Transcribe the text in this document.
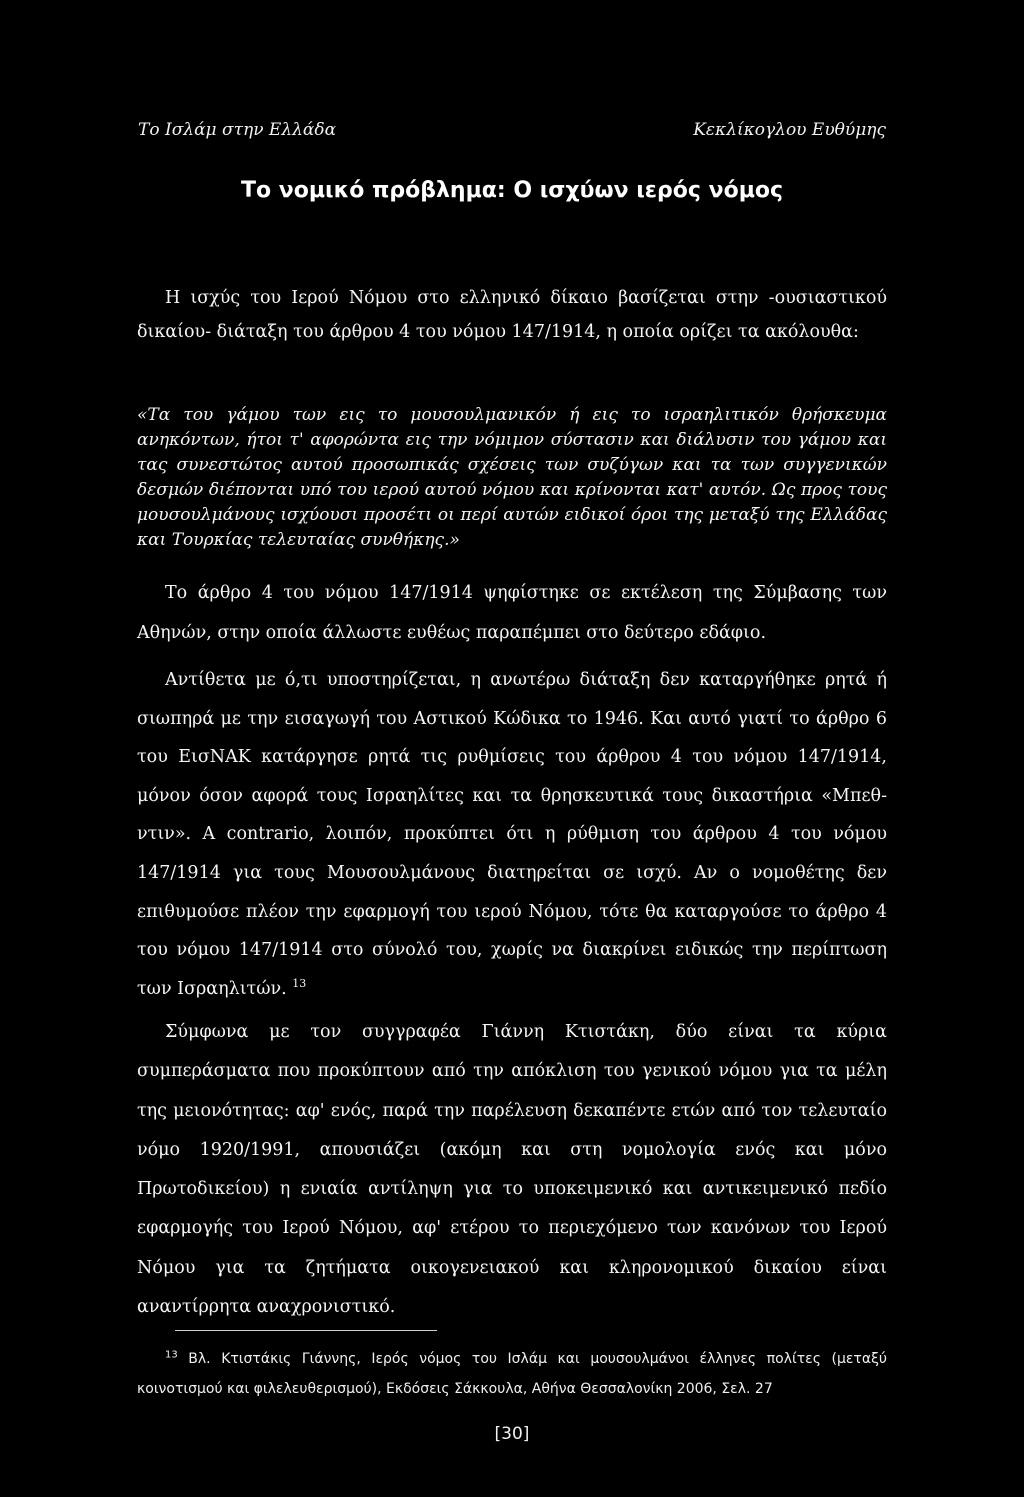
Το Ισλάμ στην Ελλάδα	Κεκλίκογλου Ευθύμης
Το νομικό πρόβλημα: Ο ισχύων ιερός νόμος

Η ισχύς του Ιερού Νόμου στο ελληνικό δίκαιο βασίζεται στην -ουσιαστικού δικαίου- διάταξη του άρθρου 4 του νόμου 147/1914, η οποία ορίζει τα ακόλουθα:

«Τα του γάμου των εις το μουσουλμανικόν ή εις το ισραηλιτικόν θρήσκευμα ανηκόντων, ήτοι τ' αφορώντα εις την νόμιμον σύστασιν και διάλυσιν του γάμου και τας συνεστώτος αυτού προσωπικάς σχέσεις των συζύγων και τα των συγγενικών δεσμών διέπονται υπό του ιερού αυτού νόμου και κρίνονται κατ' αυτόν. Ως προς τους μουσουλμάνους ισχύουσι προσέτι οι περί αυτών ειδικοί όροι της μεταξύ της Ελλάδας και Τουρκίας τελευταίας συνθήκης.»

Το άρθρο 4 του νόμου 147/1914 ψηφίστηκε σε εκτέλεση της Σύμβασης των Αθηνών, στην οποία άλλωστε ευθέως παραπέμπει στο δεύτερο εδάφιο.

Αντίθετα με ό,τι υποστηρίζεται, η ανωτέρω διάταξη δεν καταργήθηκε ρητά ή σιωπηρά με την εισαγωγή του Αστικού Κώδικα το 1946. Και αυτό γιατί το άρθρο 6 του ΕισΝΑΚ κατάργησε ρητά τις ρυθμίσεις του άρθρου 4 του νόμου 147/1914, μόνον όσον αφορά τους Ισραηλίτες και τα θρησκευτικά τους δικαστήρια «Μπεθ-ντιν». A contrario, λοιπόν, προκύπτει ότι η ρύθμιση του άρθρου 4 του νόμου 147/1914 για τους Μουσουλμάνους διατηρείται σε ισχύ. Αν ο νομοθέτης δεν επιθυμούσε πλέον την εφαρμογή του ιερού Νόμου, τότε θα καταργούσε το άρθρο 4 του νόμου 147/1914 στο σύνολό του, χωρίς να διακρίνει ειδικώς την περίπτωση των Ισραηλιτών. $^{13}$

Σύμφωνα με τον συγγραφέα Γιάννη Κτιστάκη, δύο είναι τα κύρια συμπεράσματα που προκύπτουν από την απόκλιση του γενικού νόμου για τα μέλη της μειονότητας: αφ' ενός, παρά την παρέλευση δεκαπέντε ετών από τον τελευταίο νόμο 1920/1991, απουσιάζει (ακόμη και στη νομολογία ενός και μόνο Πρωτοδικείου) η ενιαία αντίληψη για το υποκειμενικό και αντικειμενικό πεδίο εφαρμογής του Ιερού Νόμου, αφ' ετέρου το περιεχόμενο των κανόνων του Ιερού Νόμου για τα ζητήματα οικογενειακού και κληρονομικού δικαίου είναι αναντίρρητα αναχρονιστικό.

$^{13}$ Βλ. Κτιστάκις Γιάννης, Ιερός νόμος του Ισλάμ και μουσουλμάνοι έλληνες πολίτες (μεταξύ κοινοτισμού και φιλελευθερισμού), Εκδόσεις Σάκκουλα, Αθήνα Θεσσαλονίκη 2006, Σελ. 27

[30]
